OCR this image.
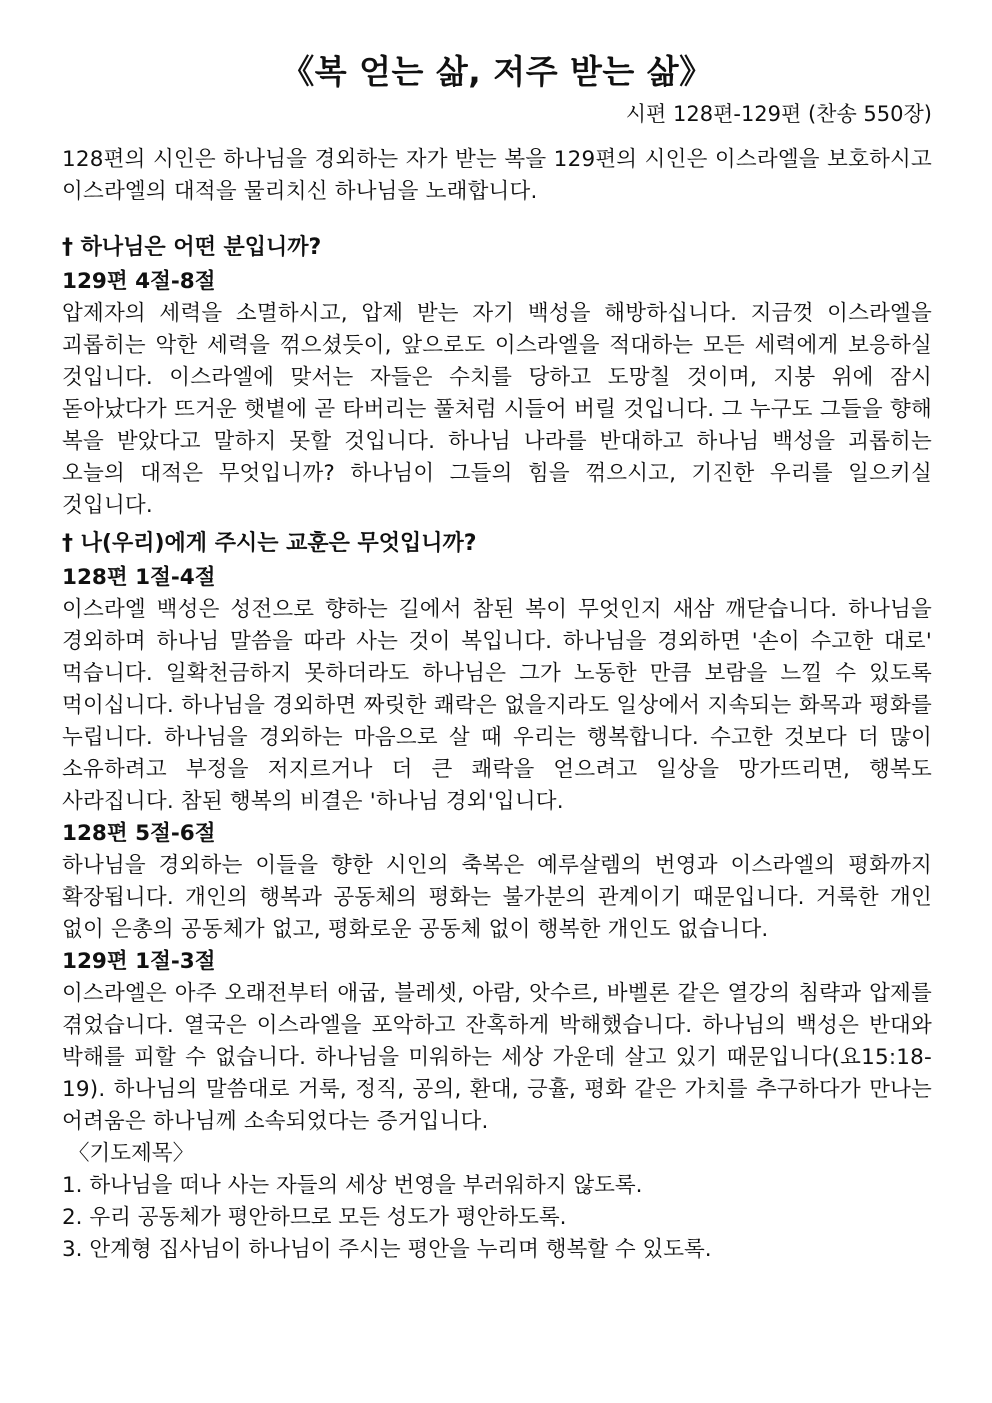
《복 얻는 삶, 저주 받는 삶》
시편 128편-129편 (찬송 550장)

128편의 시인은 하나님을 경외하는 자가 받는 복을 129편의 시인은 이스라엘을 보호하시고 이스라엘의 대적을 물리치신 하나님을 노래합니다.

† 하나님은 어떤 분입니까?
129편 4절-8절

압제자의 세력을 소멸하시고, 압제 받는 자기 백성을 해방하십니다. 지금껏 이스라엘을 괴롭히는 악한 세력을 꺾으셨듯이, 앞으로도 이스라엘을 적대하는 모든 세력에게 보응하실 것입니다. 이스라엘에 맞서는 자들은 수치를 당하고 도망칠 것이며, 지붕 위에 잠시 돋아났다가 뜨거운 햇볕에 곧 타버리는 풀처럼 시들어 버릴 것입니다. 그 누구도 그들을 향해 복을 받았다고 말하지 못할 것입니다. 하나님 나라를 반대하고 하나님 백성을 괴롭히는 오늘의 대적은 무엇입니까? 하나님이 그들의 힘을 꺾으시고, 기진한 우리를 일으키실 것입니다.

† 나(우리)에게 주시는 교훈은 무엇입니까?
128편 1절-4절

이스라엘 백성은 성전으로 향하는 길에서 참된 복이 무엇인지 새삼 깨닫습니다. 하나님을 경외하며 하나님 말씀을 따라 사는 것이 복입니다. 하나님을 경외하면 '손이 수고한 대로' 먹습니다. 일확천금하지 못하더라도 하나님은 그가 노동한 만큼 보람을 느낄 수 있도록 먹이십니다. 하나님을 경외하면 짜릿한 쾌락은 없을지라도 일상에서 지속되는 화목과 평화를 누립니다. 하나님을 경외하는 마음으로 살 때 우리는 행복합니다. 수고한 것보다 더 많이 소유하려고 부정을 저지르거나 더 큰 쾌락을 얻으려고 일상을 망가뜨리면, 행복도 사라집니다. 참된 행복의 비결은 '하나님 경외'입니다.

128편 5절-6절

하나님을 경외하는 이들을 향한 시인의 축복은 예루살렘의 번영과 이스라엘의 평화까지 확장됩니다. 개인의 행복과 공동체의 평화는 불가분의 관계이기 때문입니다. 거룩한 개인 없이 은총의 공동체가 없고, 평화로운 공동체 없이 행복한 개인도 없습니다.

129편 1절-3절

이스라엘은 아주 오래전부터 애굽, 블레셋, 아람, 앗수르, 바벨론 같은 열강의 침략과 압제를 겪었습니다. 열국은 이스라엘을 포악하고 잔혹하게 박해했습니다. 하나님의 백성은 반대와 박해를 피할 수 없습니다. 하나님을 미워하는 세상 가운데 살고 있기 때문입니다(요15:18-19). 하나님의 말씀대로 거룩, 정직, 공의, 환대, 긍휼, 평화 같은 가치를 추구하다가 만나는 어려움은 하나님께 소속되었다는 증거입니다.

〈기도제목〉
1. 하나님을 떠나 사는 자들의 세상 번영을 부러워하지 않도록.
2. 우리 공동체가 평안하므로 모든 성도가 평안하도록.
3. 안계형 집사님이 하나님이 주시는 평안을 누리며 행복할 수 있도록.
